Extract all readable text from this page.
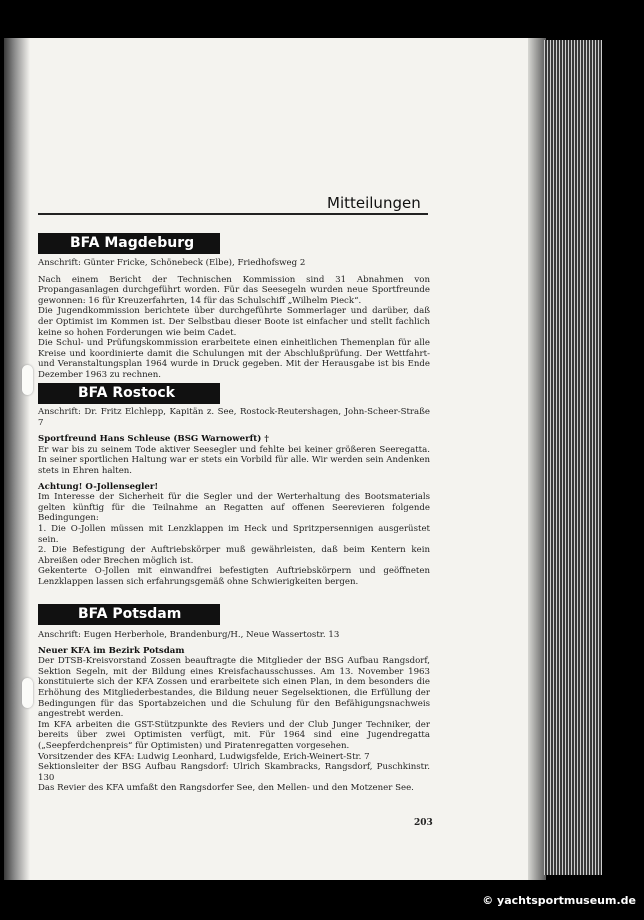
Mitteilungen
BFA Magdeburg
Anschrift: Günter Fricke, Schönebeck (Elbe), Friedhofsweg 2
Nach einem Bericht der Technischen Kommission sind 31 Abnahmen von Propangasanlagen durchgeführt worden. Für das Seesegeln wurden neue Sportfreunde gewonnen: 16 für Kreuzerfahrten, 14 für das Schulschiff „Wilhelm Pieck“.
Die Jugendkommission berichtete über durchgeführte Sommerlager und darüber, daß der Optimist im Kommen ist. Der Selbstbau dieser Boote ist einfacher und stellt fachlich keine so hohen Forderungen wie beim Cadet.
Die Schul- und Prüfungskommission erarbeitete einen einheitlichen Themenplan für alle Kreise und koordinierte damit die Schulungen mit der Abschlußprüfung. Der Wettfahrt- und Veranstaltungsplan 1964 wurde in Druck gegeben. Mit der Herausgabe ist bis Ende Dezember 1963 zu rechnen.
BFA Rostock
Anschrift: Dr. Fritz Elchlepp, Kapitän z. See, Rostock-Reutershagen, John-Scheer-Straße 7
Sportfreund Hans Schleuse (BSG Warnowerft) †
Er war bis zu seinem Tode aktiver Seesegler und fehlte bei keiner größeren Seeregatta. In seiner sportlichen Haltung war er stets ein Vorbild für alle. Wir werden sein Andenken stets in Ehren halten.
Achtung! O-Jollensegler!
Im Interesse der Sicherheit für die Segler und der Werterhaltung des Bootsmaterials gelten künftig für die Teilnahme an Regatten auf offenen Seerevieren folgende Bedingungen:
1. Die O-Jollen müssen mit Lenzklappen im Heck und Spritzpersennigen ausgerüstet sein.
2. Die Befestigung der Auftriebskörper muß gewährleisten, daß beim Kentern kein Abreißen oder Brechen möglich ist.
Gekenterte O-Jollen mit einwandfrei befestigten Auftriebskörpern und geöffneten Lenzklappen lassen sich erfahrungsgemäß ohne Schwierigkeiten bergen.
BFA Potsdam
Anschrift: Eugen Herberhole, Brandenburg/H., Neue Wassertostr. 13
Neuer KFA im Bezirk Potsdam
Der DTSB-Kreisvorstand Zossen beauftragte die Mitglieder der BSG Aufbau Rangsdorf, Sektion Segeln, mit der Bildung eines Kreisfachausschusses. Am 13. November 1963 konstituierte sich der KFA Zossen und erarbeitete sich einen Plan, in dem besonders die Erhöhung des Mitgliederbestandes, die Bildung neuer Segelsektionen, die Erfüllung der Bedingungen für das Sportabzeichen und die Schulung für den Befähigungsnachweis angestrebt werden.
Im KFA arbeiten die GST-Stützpunkte des Reviers und der Club Junger Techniker, der bereits über zwei Optimisten verfügt, mit. Für 1964 sind eine Jugendregatta („Seepferdchenpreis“ für Optimisten) und Piratenregatten vorgesehen.
Vorsitzender des KFA: Ludwig Leonhard, Ludwigsfelde, Erich-Weinert-Str. 7
Sektionsleiter der BSG Aufbau Rangsdorf: Ulrich Skambracks, Rangsdorf, Puschkinstr. 130
Das Revier des KFA umfaßt den Rangsdorfer See, den Mellen- und den Motzener See.
203
© yachtsportmuseum.de
